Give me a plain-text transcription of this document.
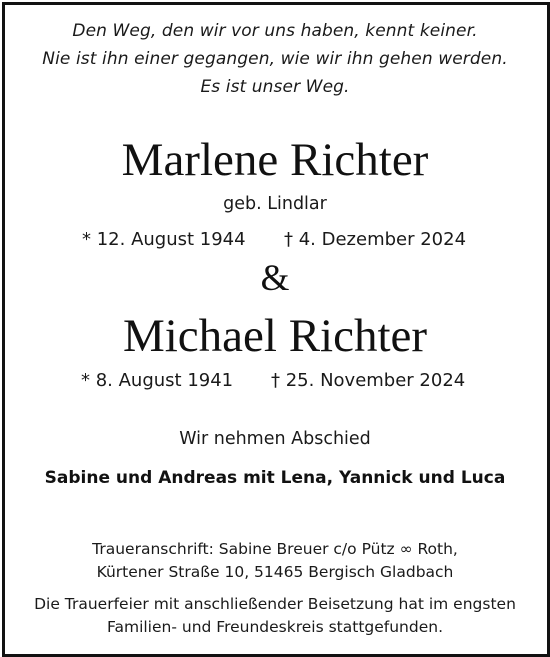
Den Weg, den wir vor uns haben, kennt keiner.
Nie ist ihn einer gegangen, wie wir ihn gehen werden.
Es ist unser Weg.
Marlene Richter
geb. Lindlar
* 12. August 1944 † 4. Dezember 2024
&
Michael Richter
* 8. August 1941 † 25. November 2024
Wir nehmen Abschied
Sabine und Andreas mit Lena, Yannick und Luca
Traueranschrift: Sabine Breuer c/o Pütz ∞ Roth,
Kürtener Straße 10, 51465 Bergisch Gladbach
Die Trauerfeier mit anschließender Beisetzung hat im engsten
Familien- und Freundeskreis stattgefunden.
